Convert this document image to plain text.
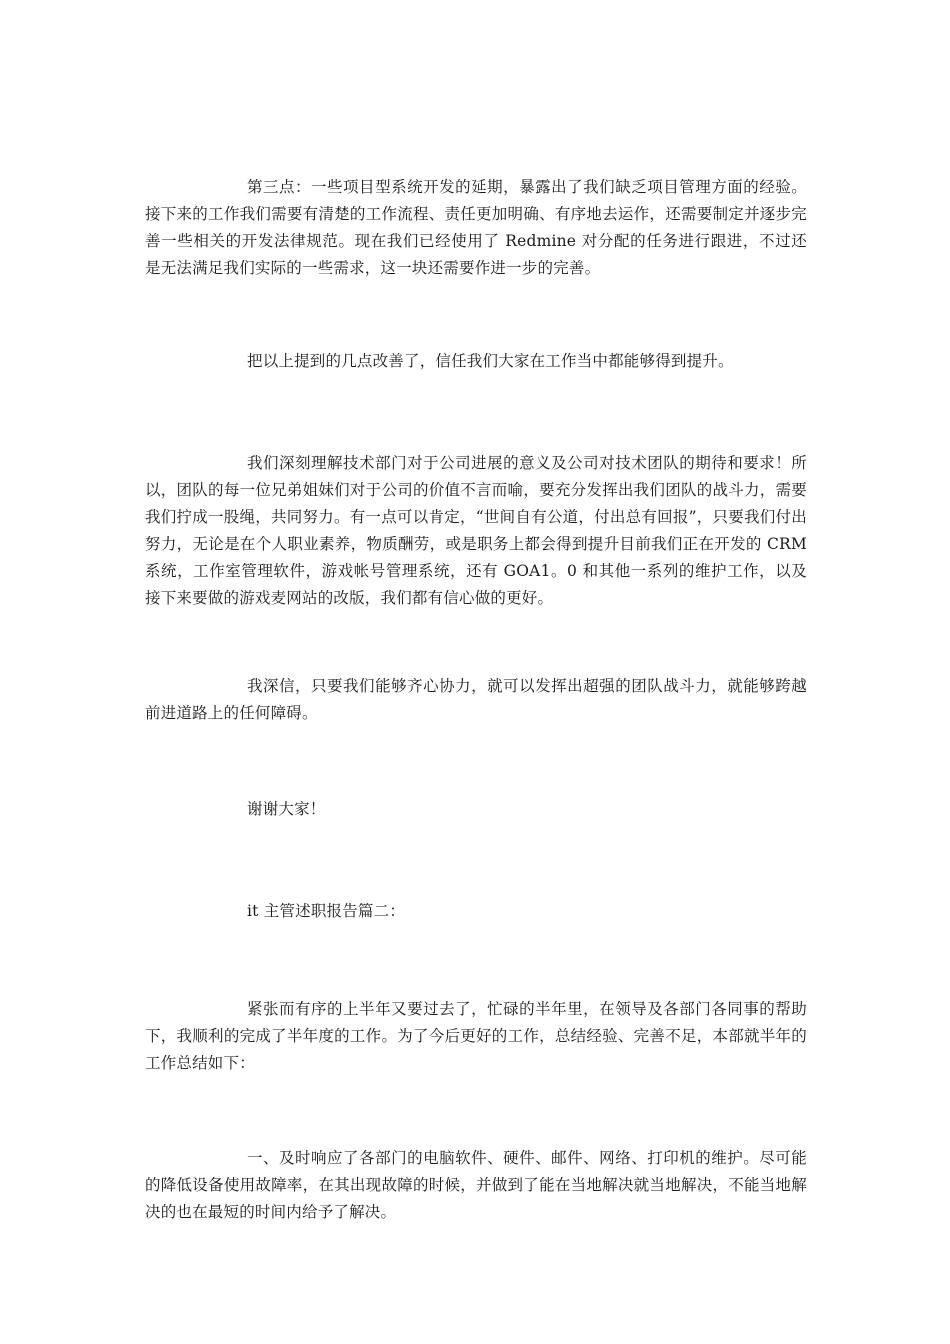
第三点：一些项目型系统开发的延期，暴露出了我们缺乏项目管理方面的经验。接下来的工作我们需要有清楚的工作流程、责任更加明确、有序地去运作，还需要制定并逐步完善一些相关的开发法律规范。现在我们已经使用了 Redmine 对分配的任务进行跟进，不过还是无法满足我们实际的一些需求，这一块还需要作进一步的完善。

把以上提到的几点改善了，信任我们大家在工作当中都能够得到提升。

我们深刻理解技术部门对于公司进展的意义及公司对技术团队的期待和要求！所以，团队的每一位兄弟姐妹们对于公司的价值不言而喻，要充分发挥出我们团队的战斗力，需要我们拧成一股绳，共同努力。有一点可以肯定，“世间自有公道，付出总有回报”，只要我们付出努力，无论是在个人职业素养，物质酬劳，或是职务上都会得到提升目前我们正在开发的 CRM 系统，工作室管理软件，游戏帐号管理系统，还有 GOA1。0 和其他一系列的维护工作，以及接下来要做的游戏麦网站的改版，我们都有信心做的更好。

我深信，只要我们能够齐心协力，就可以发挥出超强的团队战斗力，就能够跨越前进道路上的任何障碍。

谢谢大家！

it 主管述职报告篇二：

紧张而有序的上半年又要过去了，忙碌的半年里，在领导及各部门各同事的帮助下，我顺利的完成了半年度的工作。为了今后更好的工作，总结经验、完善不足，本部就半年的工作总结如下：

一、及时响应了各部门的电脑软件、硬件、邮件、网络、打印机的维护。尽可能的降低设备使用故障率，在其出现故障的时候，并做到了能在当地解决就当地解决，不能当地解决的也在最短的时间内给予了解决。
